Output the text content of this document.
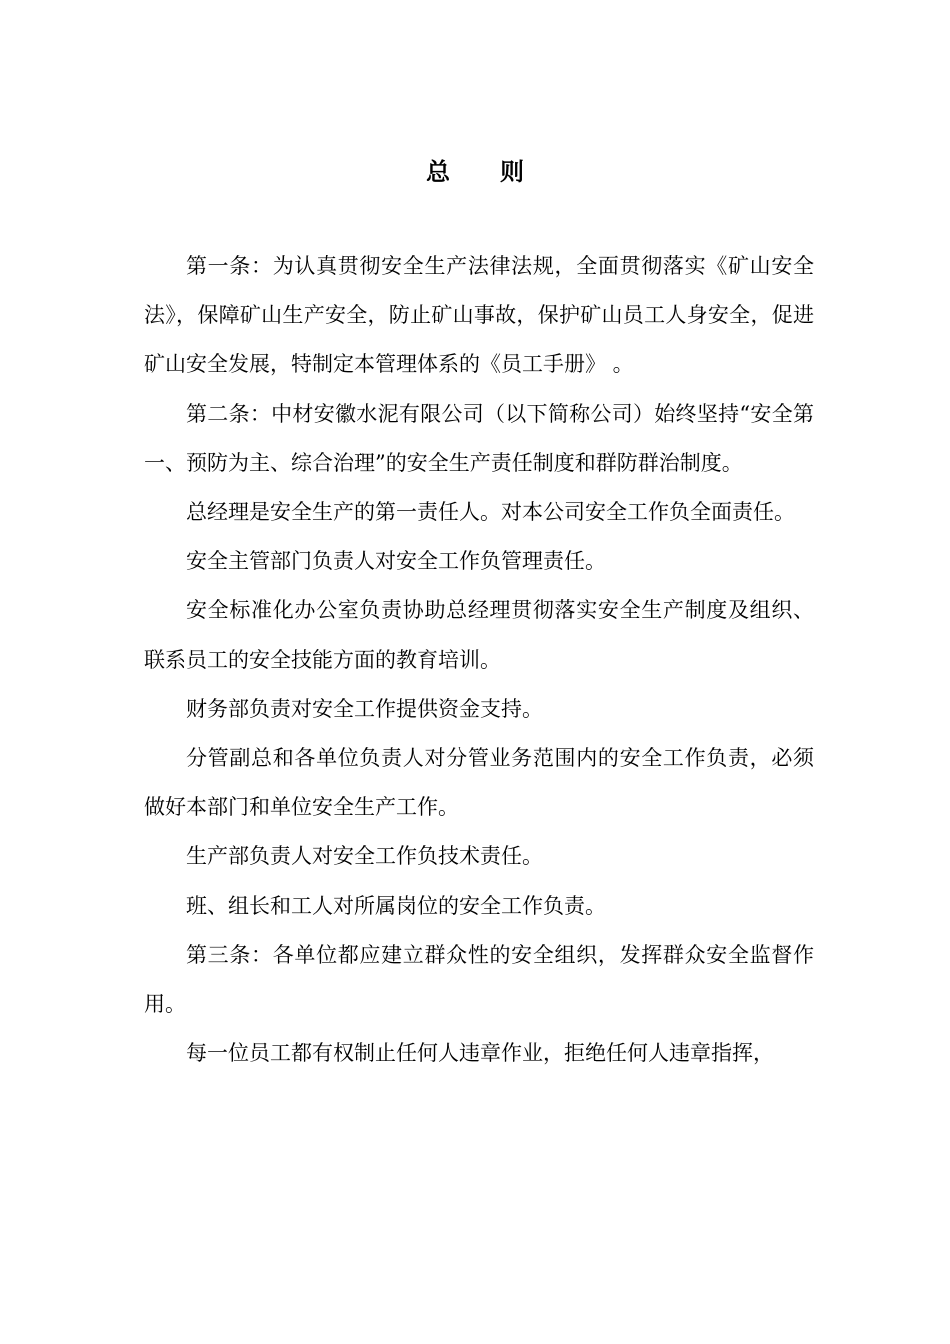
总则

第一条：为认真贯彻安全生产法律法规，全面贯彻落实《矿山安全法》，保障矿山生产安全，防止矿山事故，保护矿山员工人身安全，促进矿山安全发展，特制定本管理体系的《员工手册》 。

第二条：中材安徽水泥有限公司（以下简称公司）始终坚持“安全第一、预防为主、综合治理”的安全生产责任制度和群防群治制度。

总经理是安全生产的第一责任人。对本公司安全工作负全面责任。

安全主管部门负责人对安全工作负管理责任。

安全标准化办公室负责协助总经理贯彻落实安全生产制度及组织、联系员工的安全技能方面的教育培训。

财务部负责对安全工作提供资金支持。

分管副总和各单位负责人对分管业务范围内的安全工作负责，必须做好本部门和单位安全生产工作。

生产部负责人对安全工作负技术责任。

班、组长和工人对所属岗位的安全工作负责。

第三条：各单位都应建立群众性的安全组织，发挥群众安全监督作用。

每一位员工都有权制止任何人违章作业，拒绝任何人违章指挥，
